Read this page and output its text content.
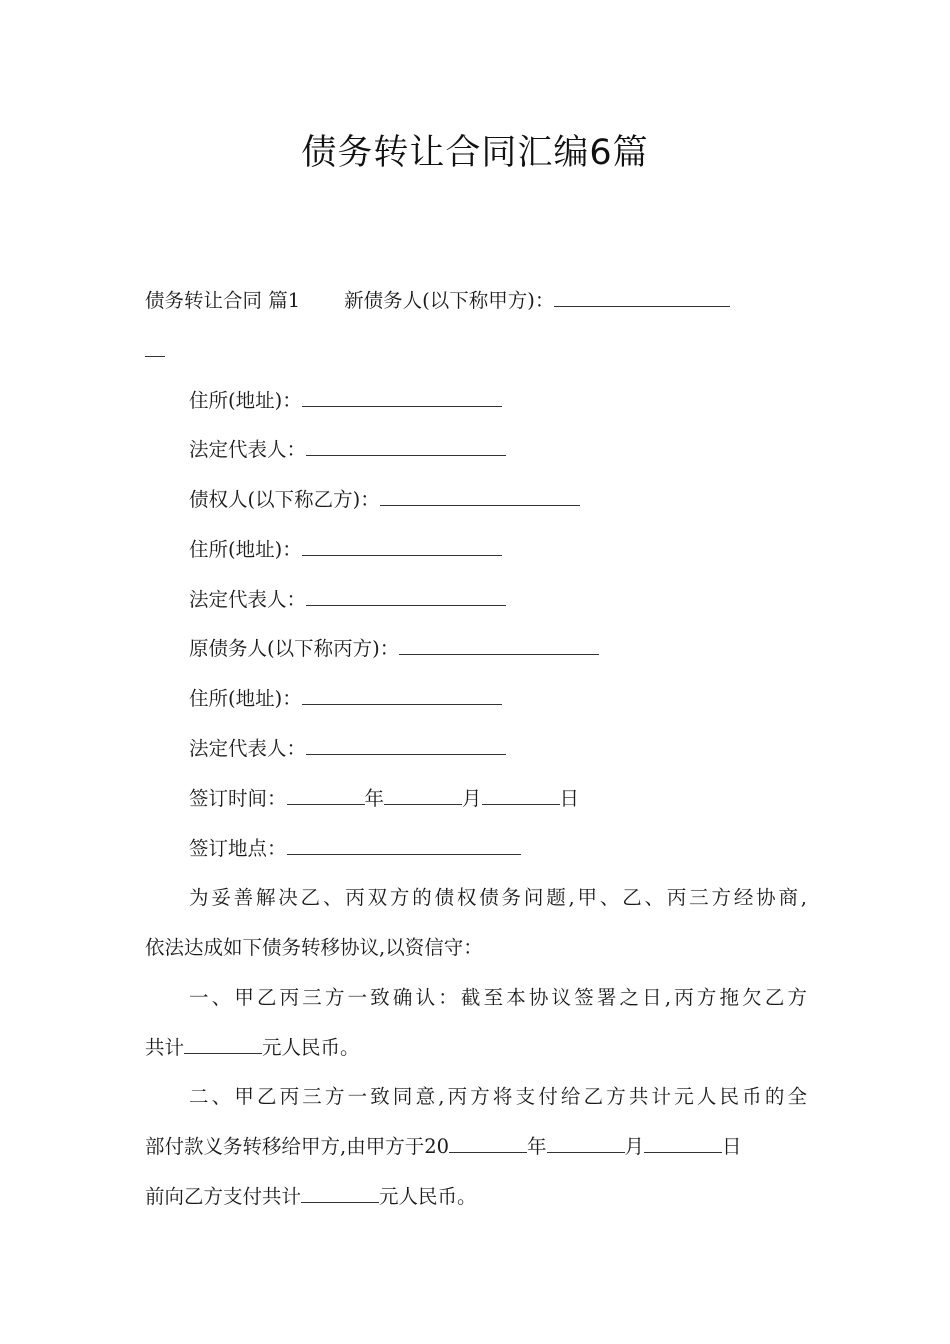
债务转让合同汇编6篇
债务转让合同 篇1 新债务人(以下称甲方)：
住所(地址)：
法定代表人：
债权人(以下称乙方)：
住所(地址)：
法定代表人：
原债务人(以下称丙方)：
住所(地址)：
法定代表人：
签订时间：	年	月	日
签订地点：
为妥善解决乙、丙双方的债权债务问题,甲、乙、丙三方经协商,
依法达成如下债务转移协议,以资信守：
一、甲乙丙三方一致确认：截至本协议签署之日,丙方拖欠乙方
共计	元人民币。
二、甲乙丙三方一致同意,丙方将支付给乙方共计元人民币的全
部付款义务转移给甲方,由甲方于20	年	月	日
前向乙方支付共计	元人民币。
